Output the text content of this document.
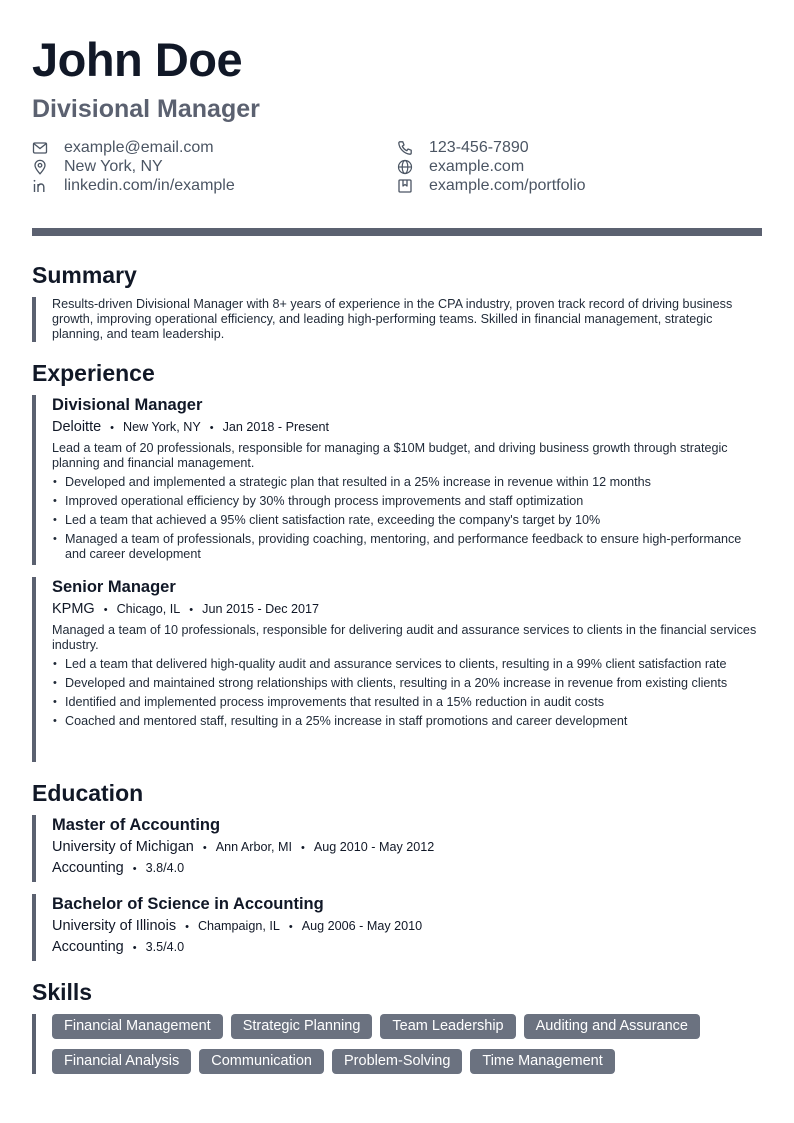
John Doe
Divisional Manager
example@email.com	123-456-7890
New York, NY	example.com
linkedin.com/in/example	example.com/portfolio
Summary

Results-driven Divisional Manager with 8+ years of experience in the CPA industry, proven track record of driving business growth, improving operational efficiency, and leading high-performing teams. Skilled in financial management, strategic planning, and team leadership.

Experience

Divisional Manager

Deloitte • New York, NY • Jan 2018 - Present

Lead a team of 20 professionals, responsible for managing a $10M budget, and driving business growth through strategic planning and financial management.

• Developed and implemented a strategic plan that resulted in a 25% increase in revenue within 12 months
• Improved operational efficiency by 30% through process improvements and staff optimization
• Led a team that achieved a 95% client satisfaction rate, exceeding the company's target by 10%
• Managed a team of professionals, providing coaching, mentoring, and performance feedback to ensure high-performance and career development

Senior Manager

KPMG • Chicago, IL • Jun 2015 - Dec 2017

Managed a team of 10 professionals, responsible for delivering audit and assurance services to clients in the financial services industry.

• Led a team that delivered high-quality audit and assurance services to clients, resulting in a 99% client satisfaction rate
• Developed and maintained strong relationships with clients, resulting in a 20% increase in revenue from existing clients
• Identified and implemented process improvements that resulted in a 15% reduction in audit costs
• Coached and mentored staff, resulting in a 25% increase in staff promotions and career development
Education

Master of Accounting

University of Michigan • Ann Arbor, MI • Aug 2010 - May 2012
Accounting • 3.8/4.0

Bachelor of Science in Accounting

University of Illinois • Champaign, IL • Aug 2006 - May 2010
Accounting • 3.5/4.0
Skills
Financial Management	Strategic Planning	Team Leadership	Auditing and Assurance
Financial Analysis	Communication	Problem-Solving	Time Management
